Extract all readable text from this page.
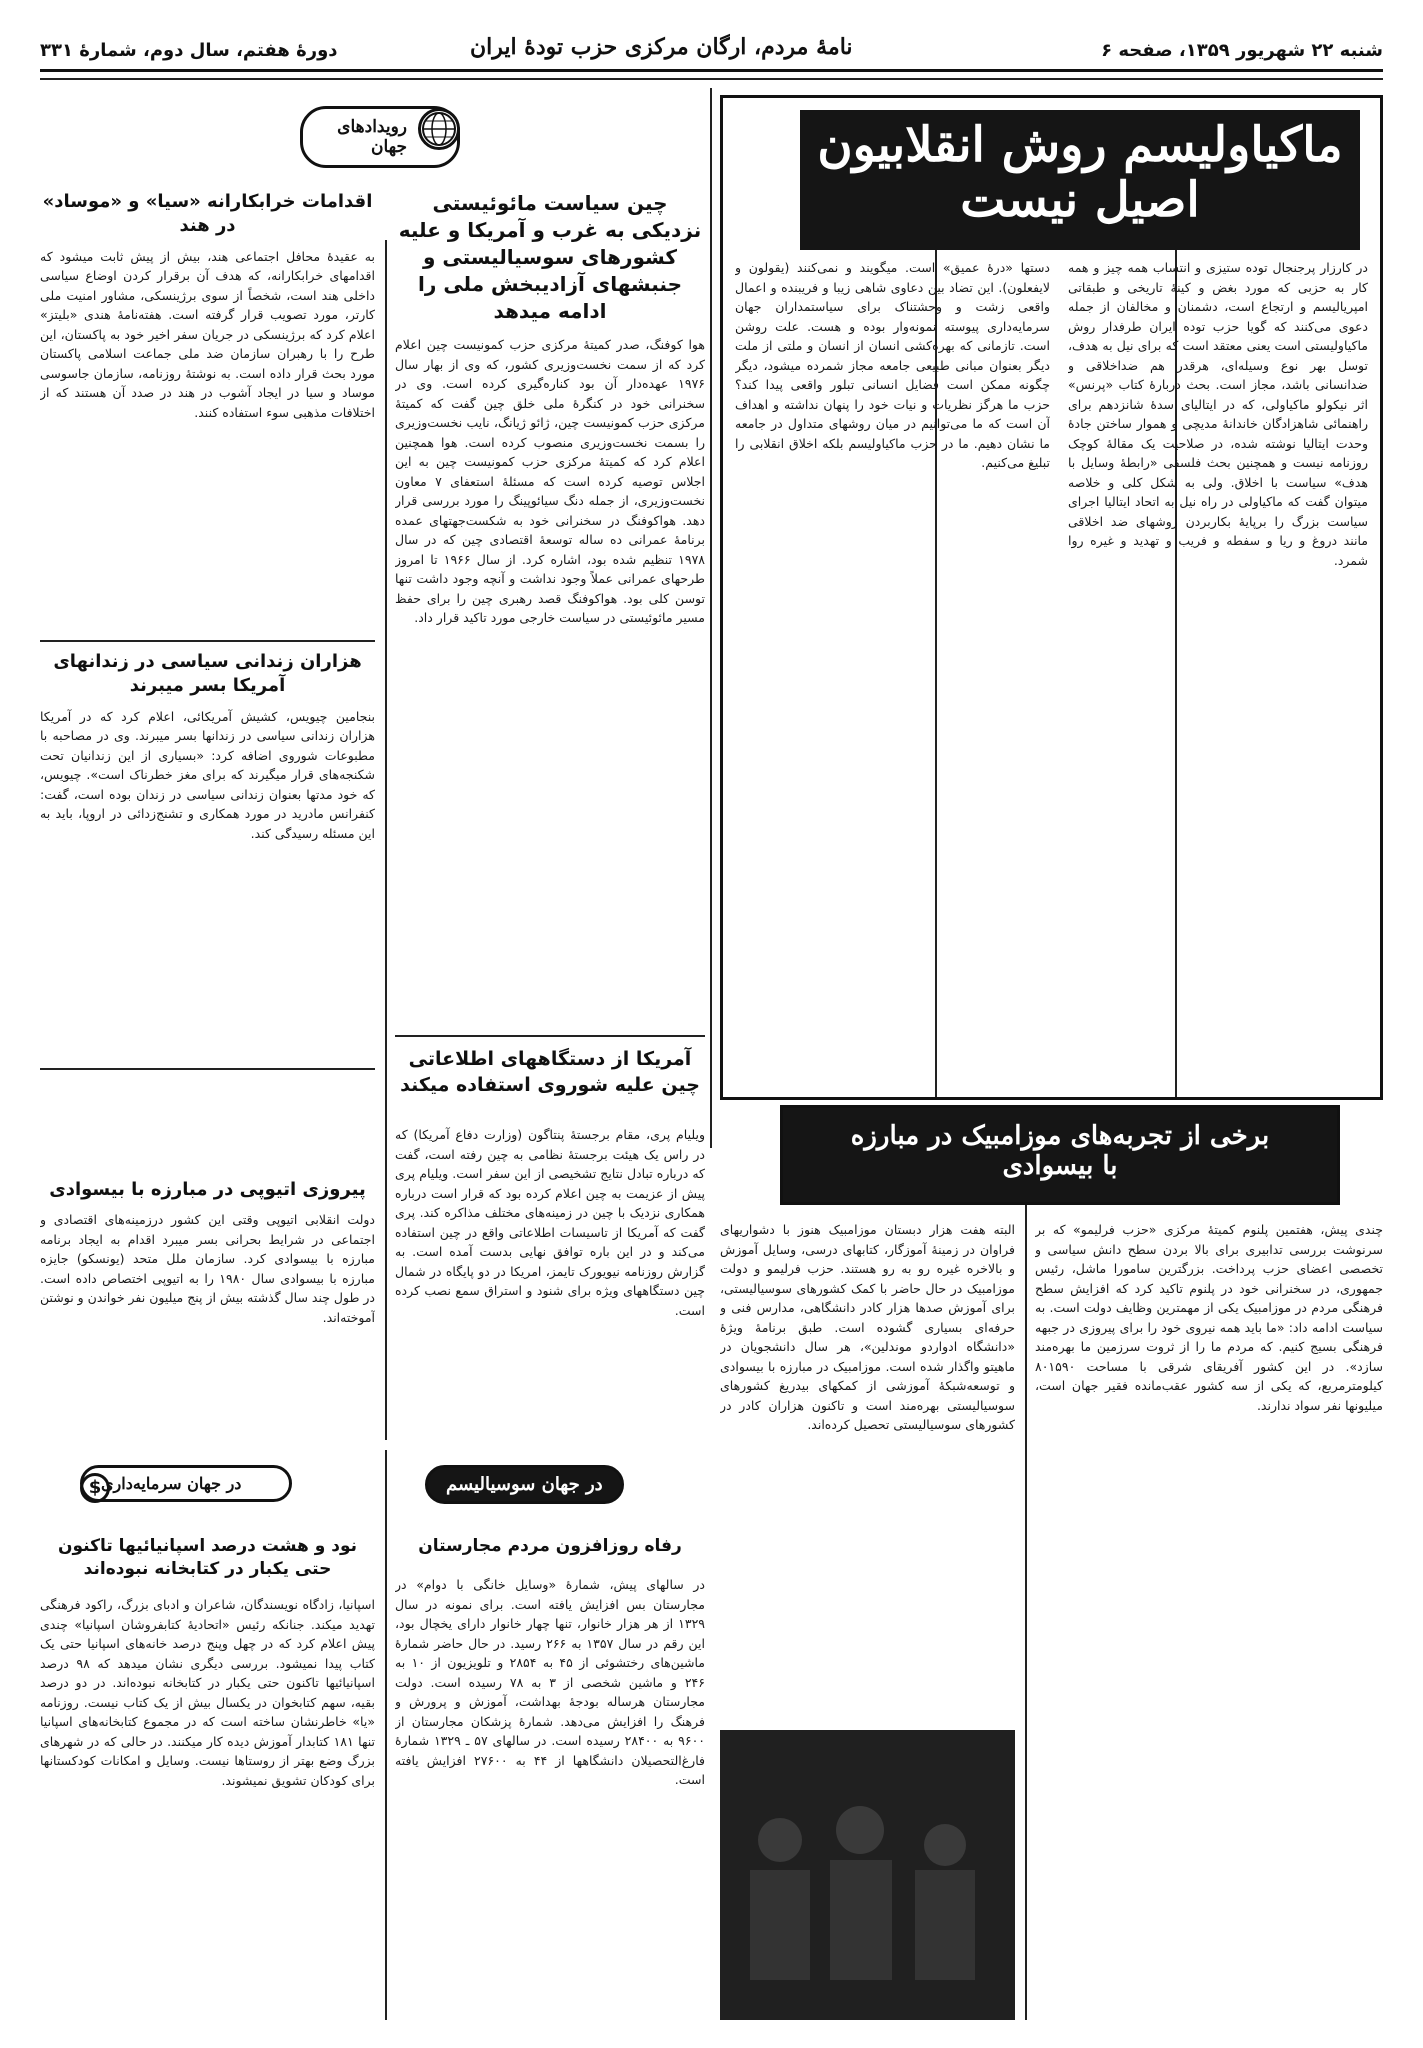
شنبه ۲۲ شهریور ۱۳۵۹، صفحه ۶
نامهٔ مردم، ارگان مرکزی حزب تودهٔ ایران
دورهٔ هفتم، سال دوم، شمارهٔ ۳۳۱
ماکیاولیسم روش انقلابیون
اصیل نیست
در کارزار پرجنجال توده ستیزی و انتساب همه چیز و همه کار به حزبی که مورد بغض و کینهٔ تاریخی و طبقاتی امپریالیسم و ارتجاع است، دشمنان و مخالفان از جمله دعوی می‌کنند که گویا حزب توده ایران طرفدار روش ماکیاولیستی است یعنی معتقد است که برای نیل به هدف، توسل بهر نوع وسیله‌ای، هرقدر هم ضداخلاقی و ضدانسانی باشد، مجاز است. بحث دربارهٔ کتاب «پرنس» اثر نیکولو ماکیاولی، که در ایتالیای سدهٔ شانزدهم برای راهنمائی شاهزادگان خاندانهٔ مدیچی و هموار ساختن جادهٔ وحدت ایتالیا نوشته شده، در صلاحیت یک مقالهٔ کوچک روزنامه نیست و همچنین بحث فلسفی «رابطهٔ وسایل با هدف» سیاست با اخلاق. ولی به شکل کلی و خلاصه میتوان گفت که ماکیاولی در راه نیل به اتحاد ایتالیا اجرای سیاست بزرگ را برپایهٔ بکاربردن روشهای ضد اخلاقی مانند دروغ و ریا و سفطه و فریب و تهدید و غیره روا شمرد.
دستها «درهٔ عمیق» است. میگویند و نمی‌کنند (یقولون و لایفعلون). این تضاد بین دعاوی شاهی زیبا و فریبنده و اعمال واقعی زشت و وحشتناک برای سیاستمداران جهان سرمایه‌داری پیوسته نمونه‌وار بوده و هست. علت روشن است. تازمانی که بهره‌کشی انسان از انسان و ملتی از ملت دیگر بعنوان مبانی طبیعی جامعه مجاز شمرده میشود، دیگر چگونه ممکن است فضایل انسانی تبلور واقعی پیدا کند؟ حزب ما هرگز نظریات و نیات خود را پنهان نداشته و اهداف آن است که ما می‌توانیم در میان روشهای متداول در جامعه ما نشان دهیم. ما در حزب ماکیاولیسم بلکه اخلاق انقلابی را تبلیغ می‌کنیم.
رویدادهای جهان
چین سیاست مائوئیستی نزدیکی به غرب و آمریکا و علیه کشورهای سوسیالیستی و جنبشهای آزادیبخش ملی را ادامه میدهد
هوا کوفنگ، صدر کمیتهٔ مرکزی حزب کمونیست چین اعلام کرد که از سمت نخست‌وزیری کشور، که وی از بهار سال ۱۹۷۶ عهده‌دار آن بود کناره‌گیری کرده است. وی در سخنرانی خود در کنگرهٔ ملی خلق چین گفت که کمیتهٔ مرکزی حزب کمونیست چین، ژائو ژیانگ، نایب نخست‌وزیری را بسمت نخست‌وزیری منصوب کرده است. هوا همچنین اعلام کرد که کمیتهٔ مرکزی حزب کمونیست چین به این اجلاس توصیه کرده است که مسئلهٔ استعفای ۷ معاون نخست‌وزیری، از جمله دنگ سیائوپینگ را مورد بررسی قرار دهد. هواکوفنگ در سخنرانی خود به شکست‌جهتهای عمده برنامهٔ عمرانی ده ساله توسعهٔ اقتصادی چین که در سال ۱۹۷۸ تنظیم شده بود، اشاره کرد. از سال ۱۹۶۶ تا امروز طرحهای عمرانی عملاً وجود نداشت و آنچه وجود داشت تنها توسن کلی بود. هواکوفنگ قصد رهبری چین را برای حفظ مسیر مائوئیستی در سیاست خارجی مورد تاکید قرار داد.
آمریکا از دستگاههای اطلاعاتی چین علیه شوروی استفاده میکند
ویلیام پری، مقام برجستهٔ پنتاگون (وزارت دفاع آمریکا) که در راس یک هیئت برجستهٔ نظامی به چین رفته است، گفت که درباره تبادل نتایج تشخیصی از این سفر است. ویلیام پری پیش از عزیمت به چین اعلام کرده بود که قرار است درباره همکاری نزدیک با چین در زمینه‌های مختلف مذاکره کند. پری گفت که آمریکا از تاسیسات اطلاعاتی واقع در چین استفاده می‌کند و در این باره توافق نهایی بدست آمده است. به گزارش روزنامه نیویورک تایمز، امریکا در دو پایگاه در شمال چین دستگاههای ویژه برای شنود و استراق سمع نصب کرده است.
اقدامات خرابکارانه «سیا» و «موساد» در هند
به عقیدهٔ محافل اجتماعی هند، بیش از پیش ثابت میشود که اقدامهای خرابکارانه، که هدف آن برقرار کردن اوضاع سیاسی داخلی هند است، شخصاً از سوی برژینسکی، مشاور امنیت ملی کارتر، مورد تصویب قرار گرفته است. هفته‌نامهٔ هندی «بلیتز» اعلام کرد که برژینسکی در جریان سفر اخیر خود به پاکستان، این طرح را با رهبران سازمان ضد ملی جماعت اسلامی پاکستان مورد بحث قرار داده است. به نوشتهٔ روزنامه، سازمان جاسوسی موساد و سیا در ایجاد آشوب در هند در صدد آن هستند که از اختلافات مذهبی سوء استفاده کنند.
هزاران زندانی سیاسی در زندانهای آمریکا بسر میبرند
بنجامین چیویس، کشیش آمریکائی، اعلام کرد که در آمریکا هزاران زندانی سیاسی در زندانها بسر میبرند. وی در مصاحبه با مطبوعات شوروی اضافه کرد: «بسیاری از این زندانیان تحت شکنجه‌های قرار میگیرند که برای مغز خطرناک است». چیویس، که خود مدتها بعنوان زندانی سیاسی در زندان بوده است، گفت: کنفرانس مادرید در مورد همکاری و تشنج‌زدائی در اروپا، باید به این مسئله رسیدگی کند.
پیروزی اتیوپی در مبارزه با بیسوادی
دولت انقلابی اتیوپی وقتی این کشور درزمینه‌های اقتصادی و اجتماعی در شرایط بحرانی بسر میبرد اقدام به ایجاد برنامه مبارزه با بیسوادی کرد. سازمان ملل متحد (یونسکو) جایزه مبارزه با بیسوادی سال ۱۹۸۰ را به اتیوپی اختصاص داده است. در طول چند سال گذشته بیش از پنج میلیون نفر خواندن و نوشتن آموخته‌اند.
برخی از تجربه‌های موزامبیک در مبارزه
با بیسوادی
چندی پیش، هفتمین پلنوم کمیتهٔ مرکزی «حزب فرلیمو» که بر سرنوشت بررسی تدابیری برای بالا بردن سطح دانش سیاسی و تخصصی اعضای حزب پرداخت. بزرگترین سامورا ماشل، رئیس جمهوری، در سخنرانی خود در پلنوم تاکید کرد که افزایش سطح فرهنگی مردم در موزامبیک یکی از مهمترین وظایف دولت است. به سیاست ادامه داد: «ما باید همه نیروی خود را برای پیروزی در جبهه فرهنگی بسیج کنیم. که مردم ما را از ثروت سرزمین ما بهره‌مند سازد». در این کشور آفریقای شرقی با مساحت ۸۰۱۵۹۰ کیلومترمربع، که یکی از سه کشور عقب‌مانده فقیر جهان است، میلیونها نفر سواد ندارند.
البته هفت هزار دبستان موزامبیک هنوز با دشواریهای فراوان در زمینهٔ آموزگار، کتابهای درسی، وسایل آموزش و بالاخره غیره رو به رو هستند. حزب فرلیمو و دولت موزامبیک در حال حاضر با کمک کشورهای سوسیالیستی، برای آموزش صدها هزار کادر دانشگاهی، مدارس فنی و حرفه‌ای بسیاری گشوده است. طبق برنامهٔ ویژهٔ «دانشگاه ادواردو موندلین»، هر سال دانشجویان در ماهیتو واگذار شده است. موزامبیک در مبارزه با بیسوادی و توسعه‌شبکهٔ آموزشی از کمکهای بیدریغ کشورهای سوسیالیستی بهره‌مند است و تاکنون هزاران کادر در کشورهای سوسیالیستی تحصیل کرده‌اند.
در جهان سوسیالیسم
رفاه روزافزون مردم مجارستان
در سالهای پیش، شمارهٔ «وسایل خانگی با دوام» در مجارستان بس افزایش یافته است. برای نمونه در سال ۱۳۲۹ از هر هزار خانوار، تنها چهار خانوار دارای یخچال بود، این رقم در سال ۱۳۵۷ به ۲۶۶ رسید. در حال حاضر شمارهٔ ماشین‌های رختشوئی از ۴۵ به ۲۸۵۴ و تلویزیون از ۱۰ به ۲۴۶ و ماشین شخصی از ۳ به ۷۸ رسیده است. دولت مجارستان هرساله بودجهٔ بهداشت، آموزش و پرورش و فرهنگ را افزایش می‌دهد. شمارهٔ پزشکان مجارستان از ۹۶۰۰ به ۲۸۴۰۰ رسیده است. در سالهای ۵۷ ـ ۱۳۲۹ شمارهٔ فارغ‌التحصیلان دانشگاهها از ۴۴ به ۲۷۶۰۰ افزایش یافته است.
در جهان سرمایه‌داری
$
نود و هشت درصد اسپانیائیها تاکنون حتی یکبار در کتابخانه نبوده‌اند
اسپانیا، زادگاه نویسندگان، شاعران و ادبای بزرگ، راکود فرهنگی تهدید میکند. جنانکه رئیس «اتحادیهٔ کتابفروشان اسپانیا» چندی پیش اعلام کرد که در چهل وپنج درصد خانه‌های اسپانیا حتی یک کتاب پیدا نمیشود. بررسی دیگری نشان میدهد که ۹۸ درصد اسپانیائیها تاکنون حتی یکبار در کتابخانه نبوده‌اند. در دو درصد بقیه، سهم کتابخوان در یکسال بیش از یک کتاب نیست. روزنامه «یا» خاطرنشان ساخته است که در مجموع کتابخانه‌های اسپانیا تنها ۱۸۱ کتابدار آموزش دیده کار میکنند. در حالی که در شهرهای بزرگ وضع بهتر از روستاها نیست. وسایل و امکانات کودکستانها برای کودکان تشویق نمیشوند.
